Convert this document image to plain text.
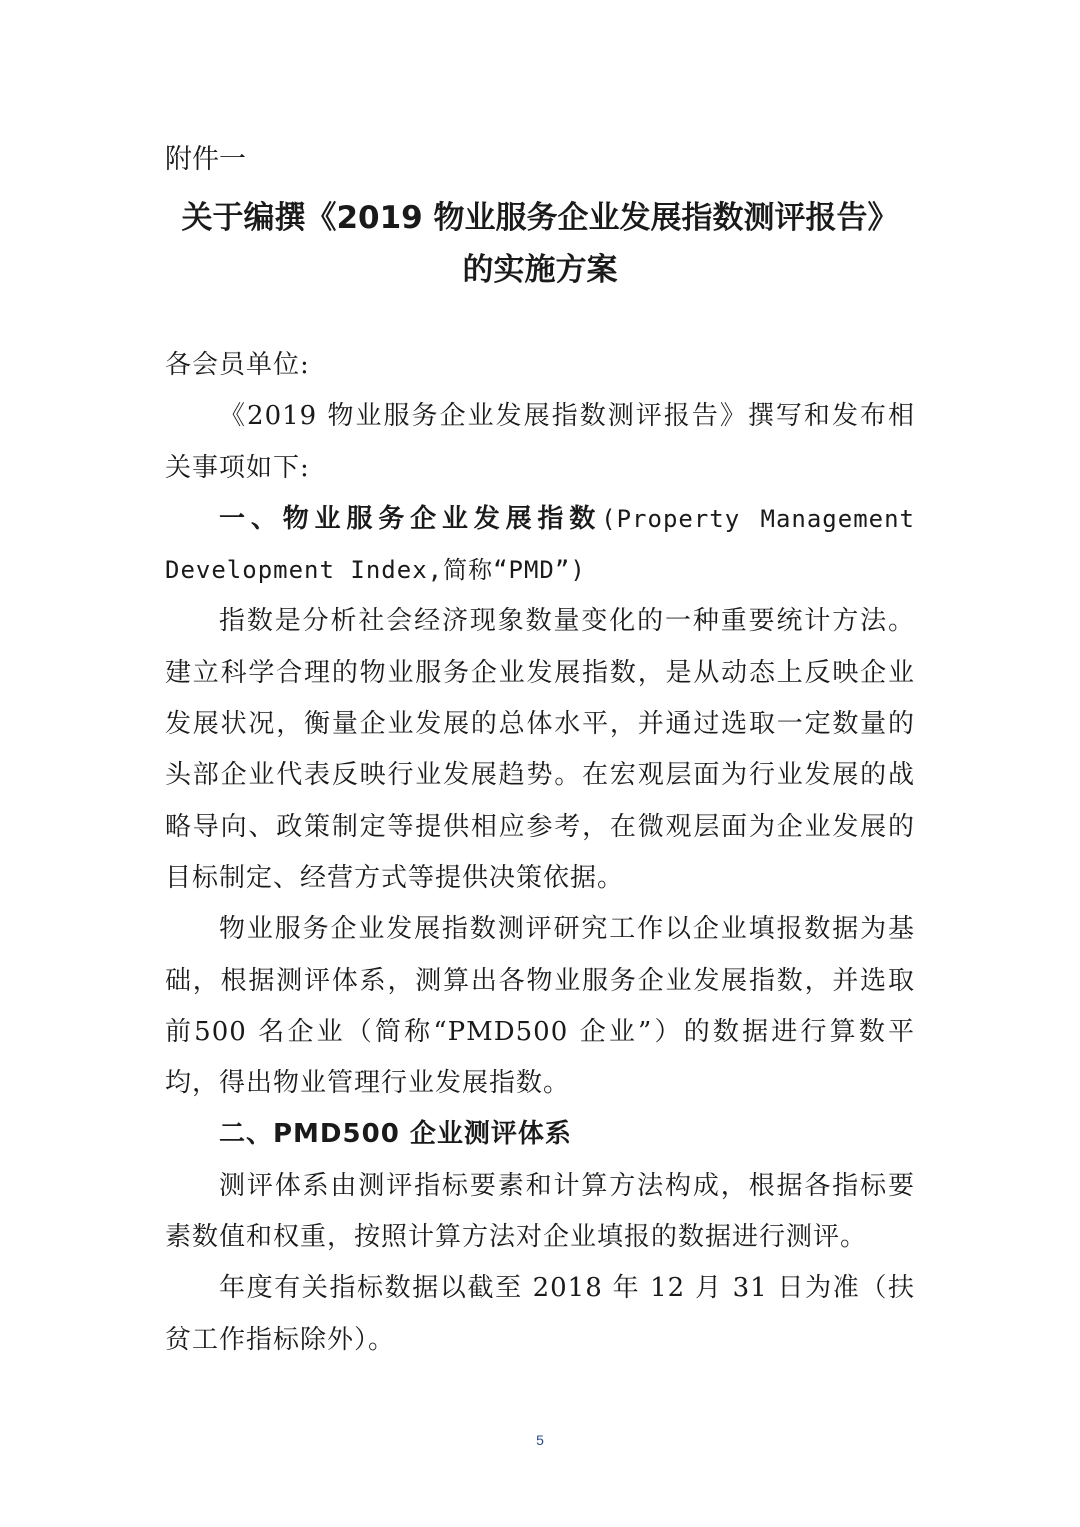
附件一
关于编撰《2019 物业服务企业发展指数测评报告》
的实施方案

各会员单位:

《2019 物业服务企业发展指数测评报告》撰写和发布相关事项如下:

一、物业服务企业发展指数(Property Management Development Index,简称“PMD”)

指数是分析社会经济现象数量变化的一种重要统计方法。建立科学合理的物业服务企业发展指数，是从动态上反映企业发展状况，衡量企业发展的总体水平，并通过选取一定数量的头部企业代表反映行业发展趋势。在宏观层面为行业发展的战略导向、政策制定等提供相应参考，在微观层面为企业发展的目标制定、经营方式等提供决策依据。

物业服务企业发展指数测评研究工作以企业填报数据为基础，根据测评体系，测算出各物业服务企业发展指数，并选取前500 名企业（简称“PMD500 企业”）的数据进行算数平均，得出物业管理行业发展指数。

二、PMD500 企业测评体系

测评体系由测评指标要素和计算方法构成，根据各指标要素数值和权重，按照计算方法对企业填报的数据进行测评。

年度有关指标数据以截至 2018 年 12 月 31 日为准（扶贫工作指标除外）。

5
